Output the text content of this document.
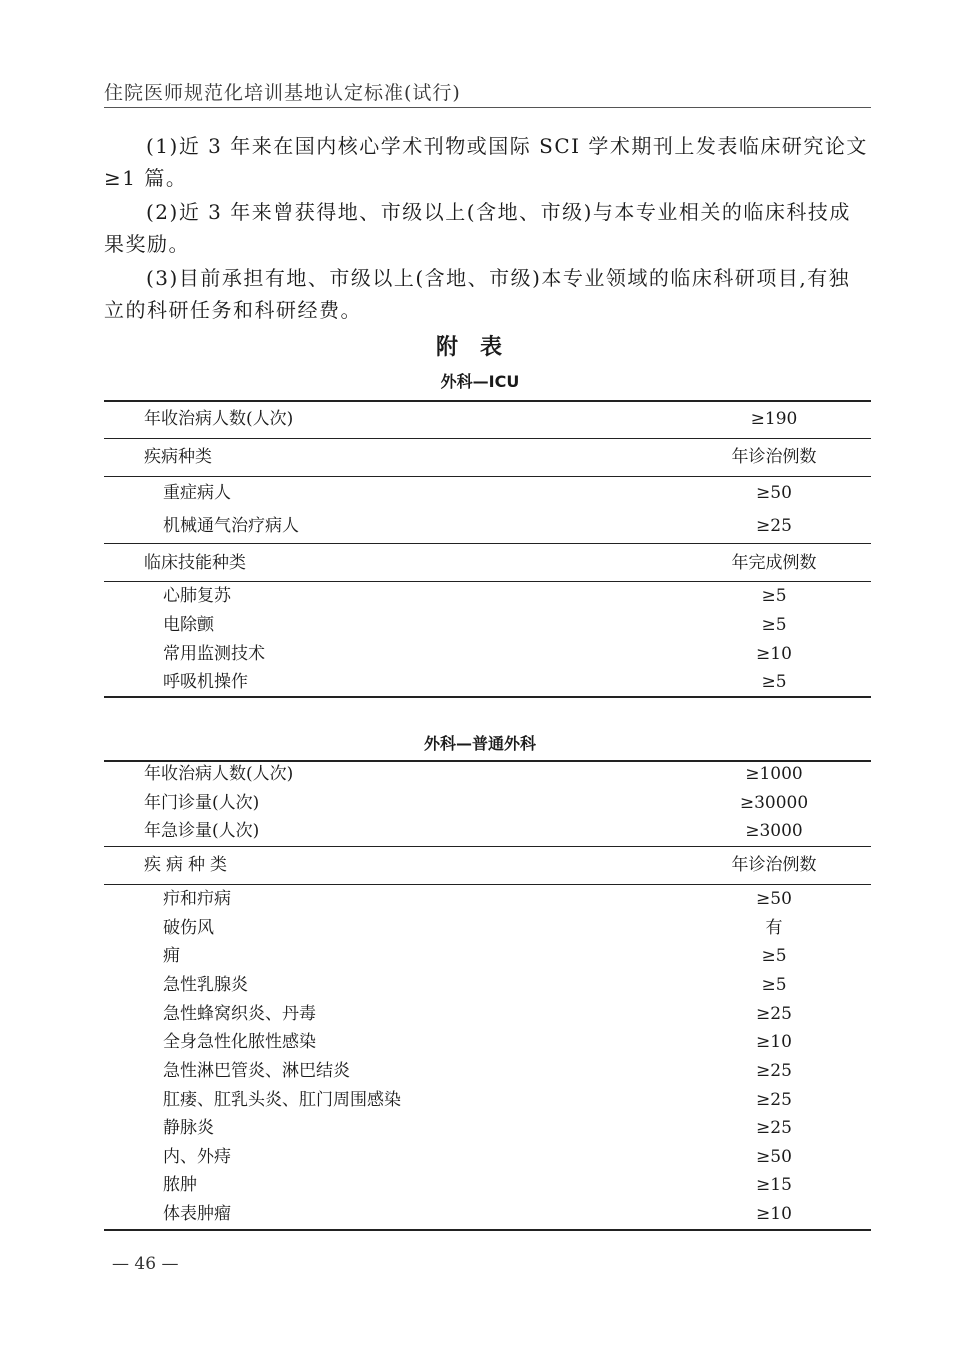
住院医师规范化培训基地认定标准(试行)

(1)近 3 年来在国内核心学术刊物或国际 SCI 学术期刊上发表临床研究论文≥1 篇。

(2)近 3 年来曾获得地、市级以上(含地、市级)与本专业相关的临床科技成果奖励。

(3)目前承担有地、市级以上(含地、市级)本专业领域的临床科研项目,有独立的科研任务和科研经费。

附表
外科—ICU
年收治病人数(人次)	≥190
疾病种类	年诊治例数
重症病人	≥50
机械通气治疗病人	≥25
临床技能种类	年完成例数
心肺复苏	≥5
电除颤	≥5
常用监测技术	≥10
呼吸机操作	≥5
外科—普通外科
年收治病人数(人次)	≥1000
年门诊量(人次)	≥30000
年急诊量(人次)	≥3000
疾病种类	年诊治例数
疖和疖病	≥50
破伤风	有
痈	≥5
急性乳腺炎	≥5
急性蜂窝织炎、丹毒	≥25
全身急性化脓性感染	≥10
急性淋巴管炎、淋巴结炎	≥25
肛瘘、肛乳头炎、肛门周围感染	≥25
静脉炎	≥25
内、外痔	≥50
脓肿	≥15
体表肿瘤	≥10
— 46 —
